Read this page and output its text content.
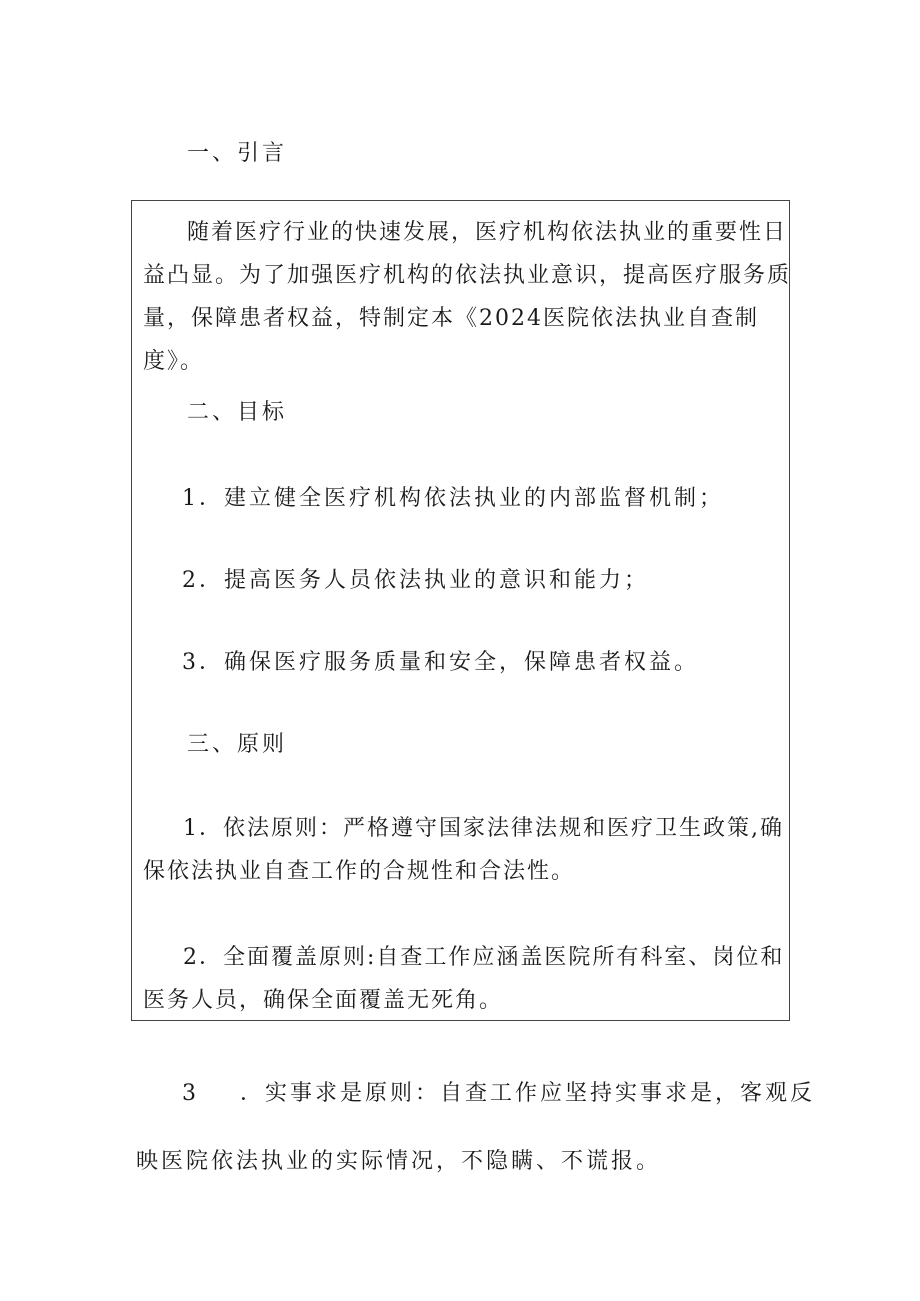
一、引言

随着医疗行业的快速发展，医疗机构依法执业的重要性日益凸显。为了加强医疗机构的依法执业意识，提高医疗服务质量，保障患者权益，特制定本《2024医院依法执业自查制度》。

二、目标

1．建立健全医疗机构依法执业的内部监督机制；

2．提高医务人员依法执业的意识和能力；

3．确保医疗服务质量和安全，保障患者权益。

三、原则

1．依法原则：严格遵守国家法律法规和医疗卫生政策,确保依法执业自查工作的合规性和合法性。

2．全面覆盖原则:自查工作应涵盖医院所有科室、岗位和医务人员，确保全面覆盖无死角。

3 ．实事求是原则：自查工作应坚持实事求是，客观反

映医院依法执业的实际情况，不隐瞒、不谎报。
